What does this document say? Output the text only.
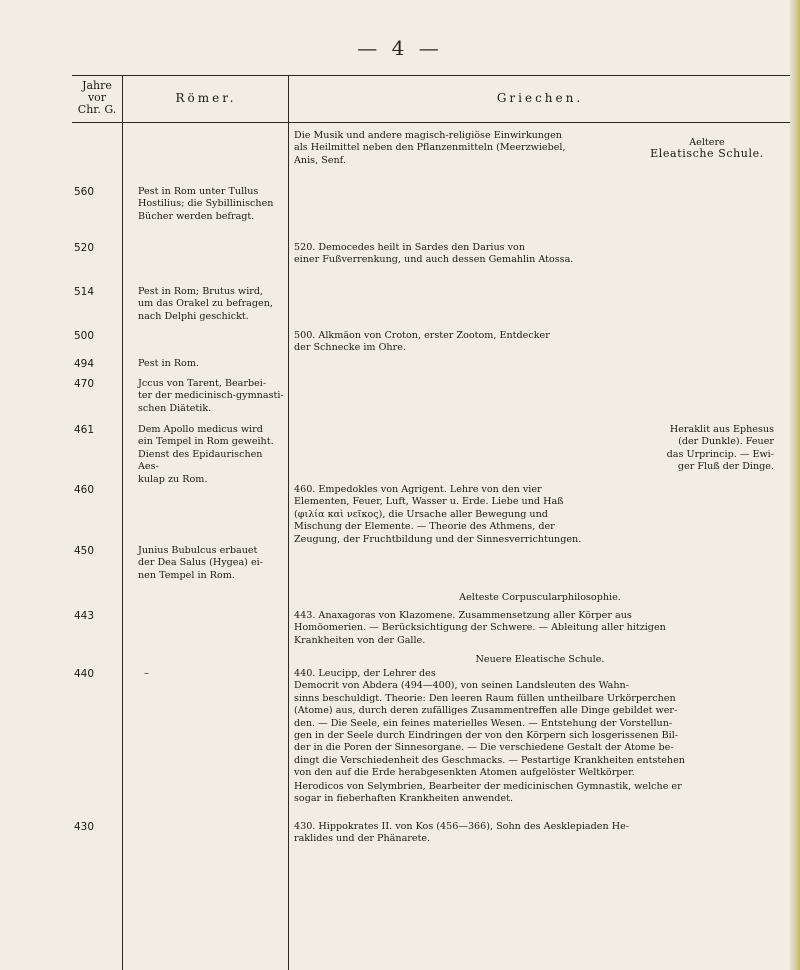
— 4 —
Jahre vor
Chr. G.
Römer.	Griechen.
560
520
514
500
494
470
461
460
450
443
440
430
–
Pest in Rom unter Tullus
Hostilius; die Sybillinischen
Bücher werden befragt.
Pest in Rom; Brutus wird,
um das Orakel zu befragen,
nach Delphi geschickt.
Pest in Rom.
Jccus von Tarent, Bearbei-
ter der medicinisch-gymnasti-
schen Diätetik.
Dem Apollo medicus wird
ein Tempel in Rom geweiht.
Dienst des Epidaurischen Aes-
kulap zu Rom.
Junius Bubulcus erbauet
der Dea Salus (Hygea) ei-
nen Tempel in Rom.
Die Musik und andere magisch-religiöse Einwirkungen
als Heilmittel neben den Pflanzenmitteln (Meerzwiebel,
Anis, Senf.
Aeltere
Eleatische Schule.
520. Democedes heilt in Sardes den Darius von
einer Fußverrenkung, und auch dessen Gemahlin Atossa.
500. Alkmäon von Croton, erster Zootom, Entdecker
der Schnecke im Ohre.
Heraklit aus Ephesus
(der Dunkle). Feuer
das Urprincip. — Ewi-
ger Fluß der Dinge.
460. Empedokles von Agrigent. Lehre von den vier
Elementen, Feuer, Luft, Wasser u. Erde. Liebe und Haß
(φιλία καὶ νεῖκος), die Ursache aller Bewegung und
Mischung der Elemente. — Theorie des Athmens, der
Zeugung, der Fruchtbildung und der Sinnesverrichtungen.
Aelteste Corpuscularphilosophie.
443. Anaxagoras von Klazomene. Zusammensetzung aller Körper aus
Homöomerien. — Berücksichtigung der Schwere. — Ableitung aller hitzigen
Krankheiten von der Galle.
Neuere Eleatische Schule.
440. Leucipp, der Lehrer des
Democrit von Abdera (494—400), von seinen Landsleuten des Wahn-
sinns beschuldigt. Theorie: Den leeren Raum füllen untheilbare Urkörperchen
(Atome) aus, durch deren zufälliges Zusammentreffen alle Dinge gebildet wer-
den. — Die Seele, ein feines materielles Wesen. — Entstehung der Vorstellun-
gen in der Seele durch Eindringen der von den Körpern sich losgerissenen Bil-
der in die Poren der Sinnesorgane. — Die verschiedene Gestalt der Atome be-
dingt die Verschiedenheit des Geschmacks. — Pestartige Krankheiten entstehen
von den auf die Erde herabgesenkten Atomen aufgelöster Weltkörper.
Herodicos von Selymbrien, Bearbeiter der medicinischen Gymnastik, welche er
sogar in fieberhaften Krankheiten anwendet.
430. Hippokrates II. von Kos (456—366), Sohn des Aesklepiaden He-
raklides und der Phänarete.
